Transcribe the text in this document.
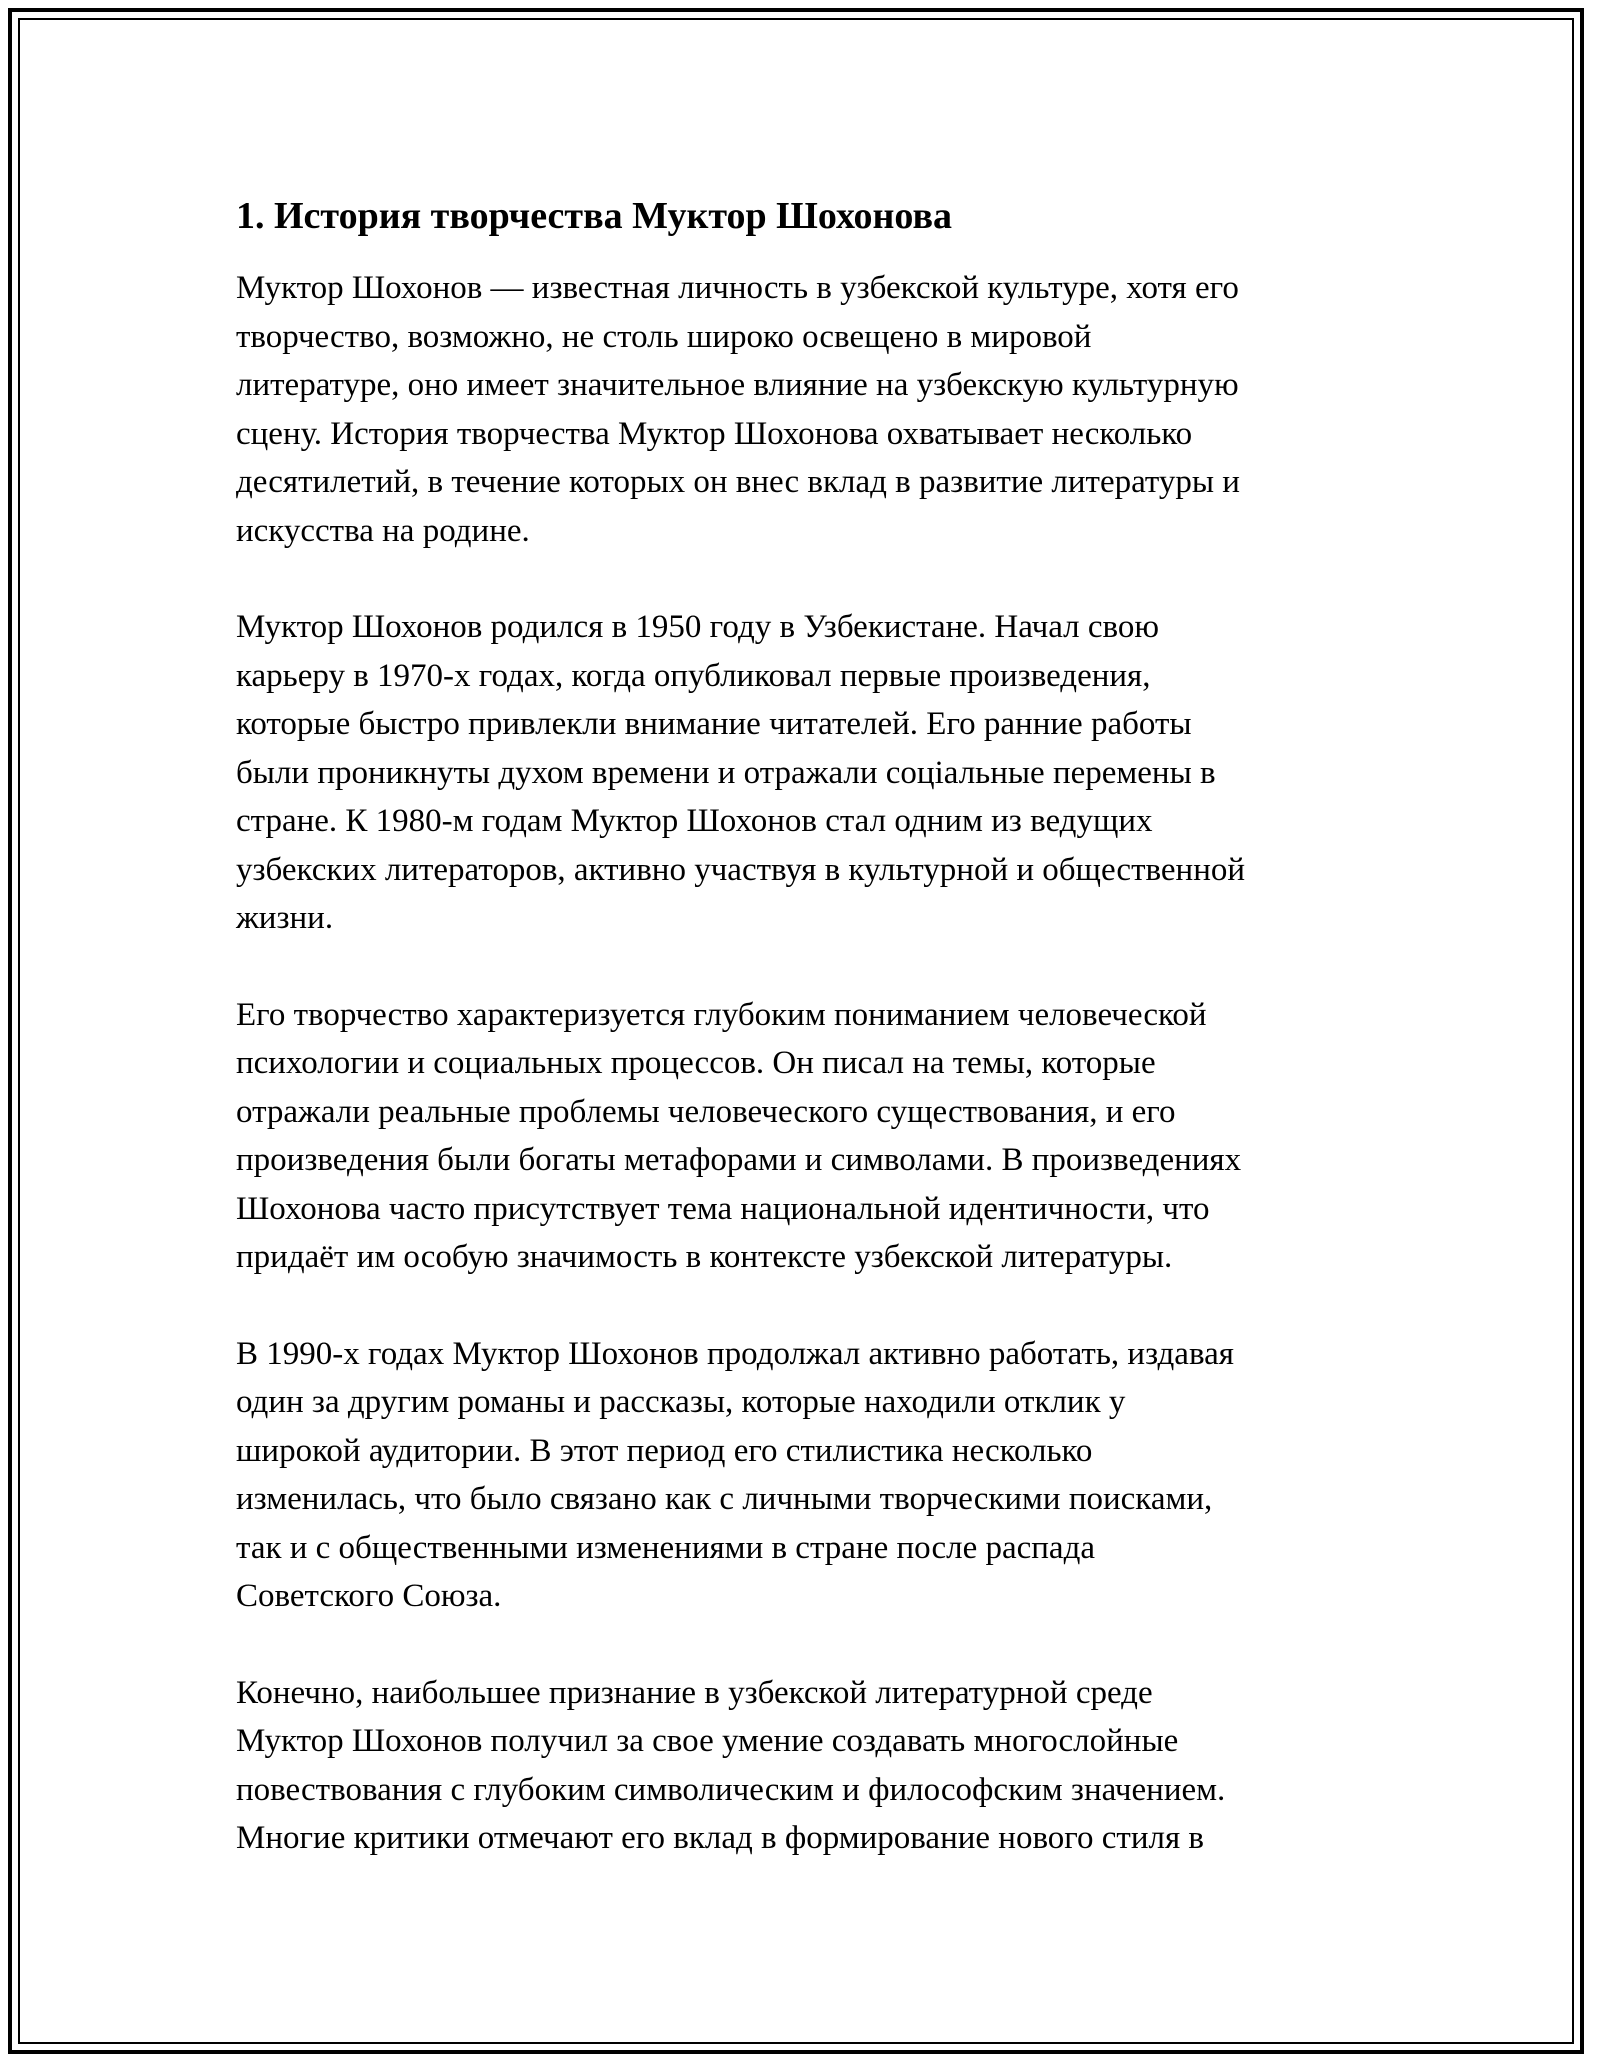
1. История творчества Муктор Шохонова

Муктор Шохонов — известная личность в узбекской культуре, хотя его
творчество, возможно, не столь широко освещено в мировой
литературе, оно имеет значительное влияние на узбекскую культурную
сцену. История творчества Муктор Шохонова охватывает несколько
десятилетий, в течение которых он внес вклад в развитие литературы и
искусства на родине.

Муктор Шохонов родился в 1950 году в Узбекистане. Начал свою
карьеру в 1970-х годах, когда опубликовал первые произведения,
которые быстро привлекли внимание читателей. Его ранние работы
были проникнуты духом времени и отражали соціальные перемены в
стране. К 1980-м годам Муктор Шохонов стал одним из ведущих
узбекских литераторов, активно участвуя в культурной и общественной
жизни.

Его творчество характеризуется глубоким пониманием человеческой
психологии и социальных процессов. Он писал на темы, которые
отражали реальные проблемы человеческого существования, и его
произведения были богаты метафорами и символами. В произведениях
Шохонова часто присутствует тема национальной идентичности, что
придаёт им особую значимость в контексте узбекской литературы.

В 1990-х годах Муктор Шохонов продолжал активно работать, издавая
один за другим романы и рассказы, которые находили отклик у
широкой аудитории. В этот период его стилистика несколько
изменилась, что было связано как с личными творческими поисками,
так и с общественными изменениями в стране после распада
Советского Союза.

Конечно, наибольшее признание в узбекской литературной среде
Муктор Шохонов получил за свое умение создавать многослойные
повествования с глубоким символическим и философским значением.
Многие критики отмечают его вклад в формирование нового стиля в
